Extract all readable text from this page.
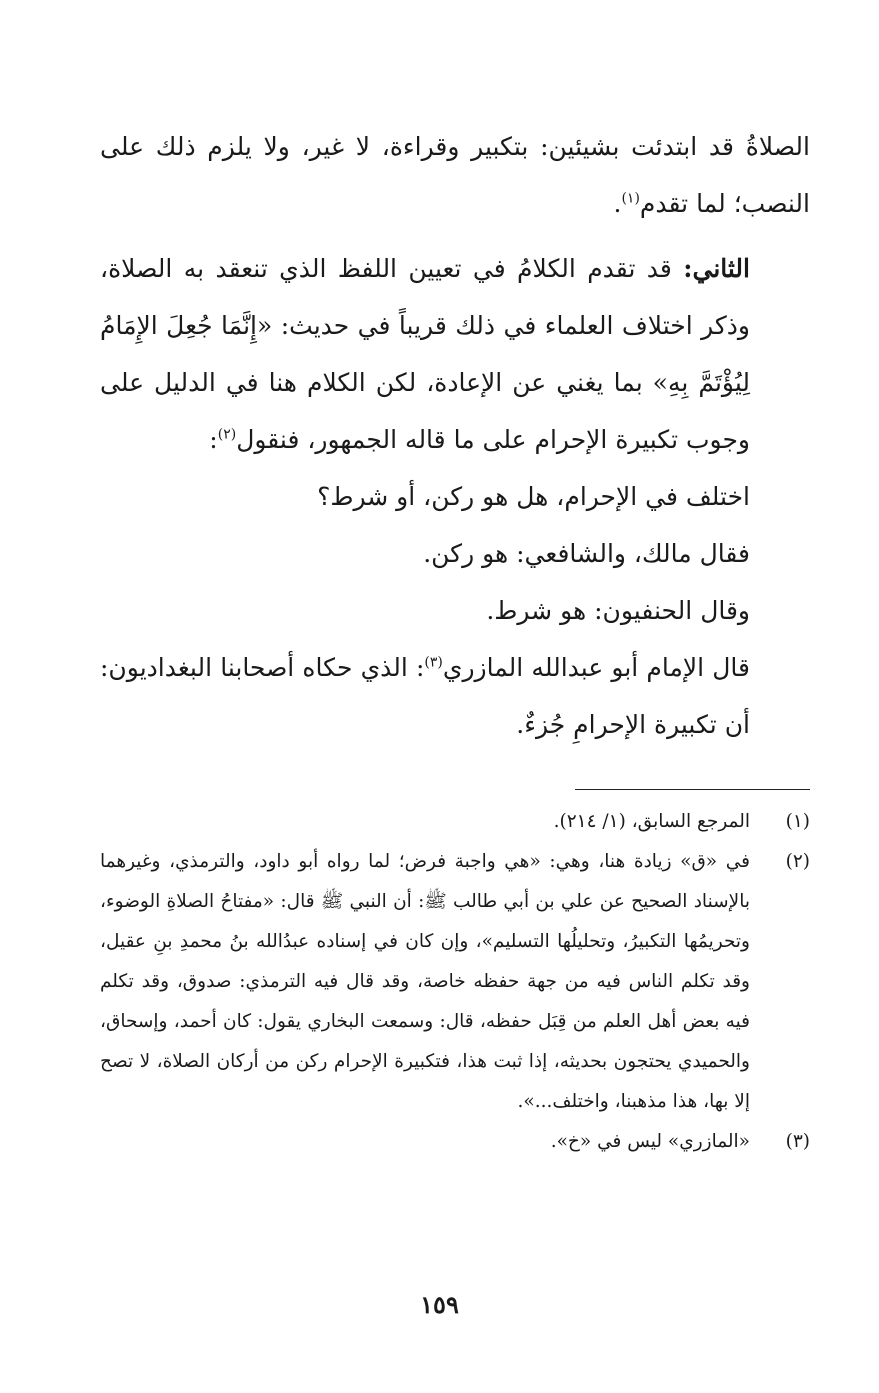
الصلاةُ قد ابتدئت بشيئين: بتكبير وقراءة، لا غير، ولا يلزم ذلك على النصب؛ لما تقدم$^{(١)}$.

الثاني: قد تقدم الكلامُ في تعيين اللفظ الذي تنعقد به الصلاة، وذكر اختلاف العلماء في ذلك قريباً في حديث: «إِنَّمَا جُعِلَ الإِمَامُ لِيُؤْتَمَّ بِهِ» بما يغني عن الإعادة، لكن الكلام هنا في الدليل على وجوب تكبيرة الإحرام على ما قاله الجمهور، فنقول$^{(٢)}$:

اختلف في الإحرام، هل هو ركن، أو شرط؟

فقال مالك، والشافعي: هو ركن.

وقال الحنفيون: هو شرط.

قال الإمام أبو عبدالله المازري$^{(٣)}$: الذي حكاه أصحابنا البغداديون: أن تكبيرة الإحرامِ جُزءٌ.

(١)
المرجع السابق، (١/ ٢١٤).
(٢)
في «ق» زيادة هنا، وهي: «هي واجبة فرض؛ لما رواه أبو داود، والترمذي، وغيرهما بالإسناد الصحيح عن علي بن أبي طالب ﷺ: أن النبي ﷺ قال: «مفتاحُ الصلاةِ الوضوء، وتحريمُها التكبيرُ، وتحليلُها التسليم»، وإن كان في إسناده عبدُالله بنُ محمدِ بنِ عقيل، وقد تكلم الناس فيه من جهة حفظه خاصة، وقد قال فيه الترمذي: صدوق، وقد تكلم فيه بعض أهل العلم من قِبَل حفظه، قال: وسمعت البخاري يقول: كان أحمد، وإسحاق، والحميدي يحتجون بحديثه، إذا ثبت هذا، فتكبيرة الإحرام ركن من أركان الصلاة، لا تصح إلا بها، هذا مذهبنا، واختلف...».
(٣)
«المازري» ليس في «خ».
١٥٩
